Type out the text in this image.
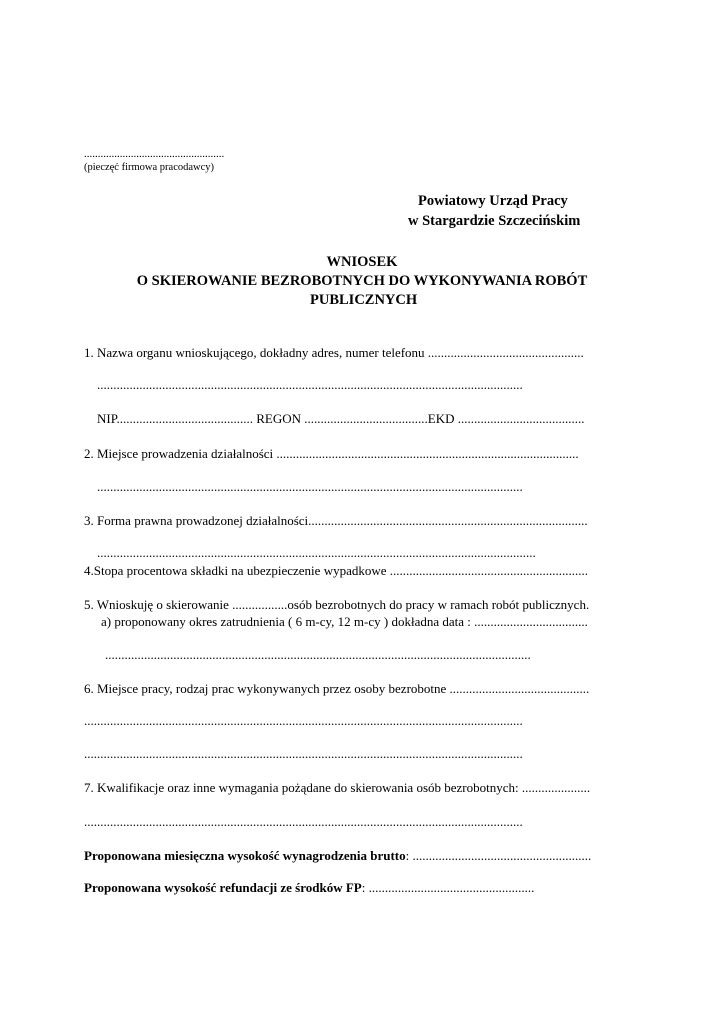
...................................................
(pieczęć firmowa pracodawcy)
Powiatowy Urząd Pracy
w Stargardzie Szczecińskim
WNIOSEK
O SKIEROWANIE BEZROBOTNYCH DO WYKONYWANIA ROBÓT
PUBLICZNYCH
1. Nazwa organu wnioskującego, dokładny adres, numer telefonu ................................................
...................................................................................................................................
NIP.......................................... REGON ......................................EKD .......................................
2. Miejsce prowadzenia działalności .............................................................................................
...................................................................................................................................
3. Forma prawna prowadzonej działalności......................................................................................
.......................................................................................................................................
4.Stopa procentowa składki na ubezpieczenie wypadkowe .............................................................
5. Wnioskuję o skierowanie .................osób bezrobotnych do pracy w ramach robót publicznych.
a) proponowany okres zatrudnienia ( 6 m-cy, 12 m-cy ) dokładna data : ...................................
...................................................................................................................................
6. Miejsce pracy, rodzaj prac wykonywanych przez osoby bezrobotne ...........................................
.......................................................................................................................................
.......................................................................................................................................
7. Kwalifikacje oraz inne wymagania pożądane do skierowania osób bezrobotnych: .....................
.......................................................................................................................................
Proponowana miesięczna wysokość wynagrodzenia brutto: .......................................................
Proponowana wysokość refundacji ze środków FP: ...................................................
